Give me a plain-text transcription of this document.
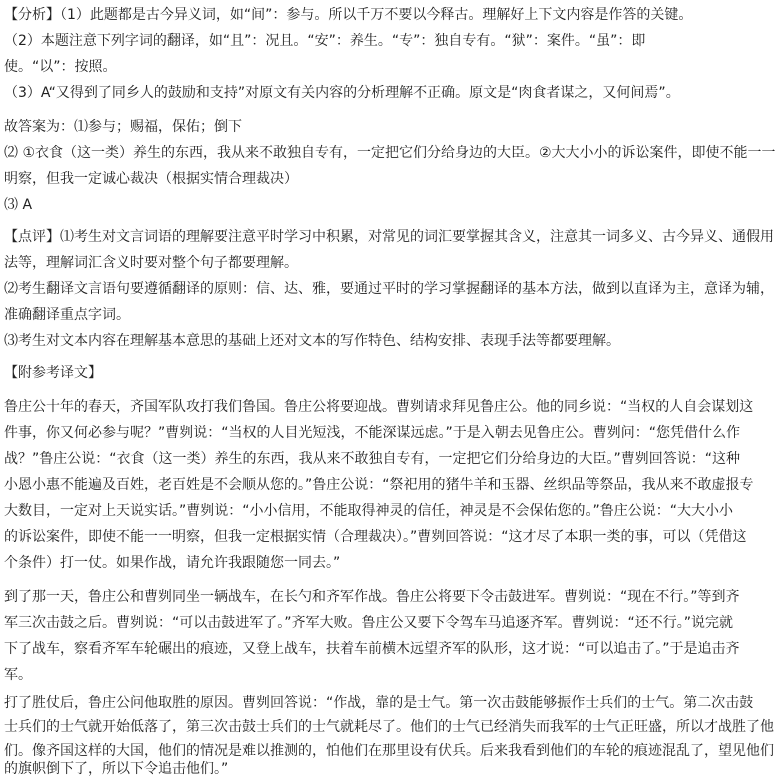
【分析】（1）此题都是古今异义词，如“间”：参与。所以千万不要以今释古。理解好上下文内容是作答的关键。
（2）本题注意下列字词的翻译，如“且”：况且。“安”：养生。“专”：独自专有。“狱”：案件。“虽”：即
使。“以”：按照。
（3）A“又得到了同乡人的鼓励和支持”对原文有关内容的分析理解不正确。原文是“肉食者谋之，又何间焉”。
故答案为：⑴参与；赐福，保佑；倒下
⑵ ①衣食（这一类）养生的东西，我从来不敢独自专有，一定把它们分给身边的大臣。②大大小小的诉讼案件，即使不能一一
明察，但我一定诚心裁决（根据实情合理裁决）
⑶ A
【点评】⑴考生对文言词语的理解要注意平时学习中积累，对常见的词汇要掌握其含义，注意其一词多义、古今异义、通假用
法等，理解词汇含义时要对整个句子都要理解。
⑵考生翻译文言语句要遵循翻译的原则：信、达、雅，要通过平时的学习掌握翻译的基本方法，做到以直译为主，意译为辅，
准确翻译重点字词。
⑶考生对文本内容在理解基本意思的基础上还对文本的写作特色、结构安排、表现手法等都要理解。
【附参考译文】
鲁庄公十年的春天，齐国军队攻打我们鲁国。鲁庄公将要迎战。曹刿请求拜见鲁庄公。他的同乡说：“当权的人自会谋划这
件事，你又何必参与呢？”曹刿说：“当权的人目光短浅，不能深谋远虑。”于是入朝去见鲁庄公。曹刿问：“您凭借什么作
战？”鲁庄公说：“衣食（这一类）养生的东西，我从来不敢独自专有，一定把它们分给身边的大臣。”曹刿回答说：“这种
小恩小惠不能遍及百姓，老百姓是不会顺从您的。”鲁庄公说：“祭祀用的猪牛羊和玉器、丝织品等祭品，我从来不敢虚报专
大数目，一定对上天说实话。”曹刿说：“小小信用，不能取得神灵的信任，神灵是不会保佑您的。”鲁庄公说：“大大小小
的诉讼案件，即使不能一一明察，但我一定根据实情（合理裁决）。”曹刿回答说：“这才尽了本职一类的事，可以（凭借这
个条件）打一仗。如果作战，请允许我跟随您一同去。”
到了那一天，鲁庄公和曹刿同坐一辆战车，在长勺和齐军作战。鲁庄公将要下令击鼓进军。曹刿说：“现在不行。”等到齐
军三次击鼓之后。曹刿说：“可以击鼓进军了。”齐军大败。鲁庄公又要下令驾车马追逐齐军。曹刿说：“还不行。”说完就
下了战车，察看齐军车轮碾出的痕迹，又登上战车，扶着车前横木远望齐军的队形，这才说：“可以追击了。”于是追击齐
军。
打了胜仗后，鲁庄公问他取胜的原因。曹刿回答说：“作战，靠的是士气。第一次击鼓能够振作士兵们的士气。第二次击鼓
士兵们的士气就开始低落了，第三次击鼓士兵们的士气就耗尽了。他们的士气已经消失而我军的士气正旺盛，所以才战胜了他
们。像齐国这样的大国，他们的情况是难以推测的，怕他们在那里设有伏兵。后来我看到他们的车轮的痕迹混乱了，望见他们
的旗帜倒下了，所以下令追击他们。”
